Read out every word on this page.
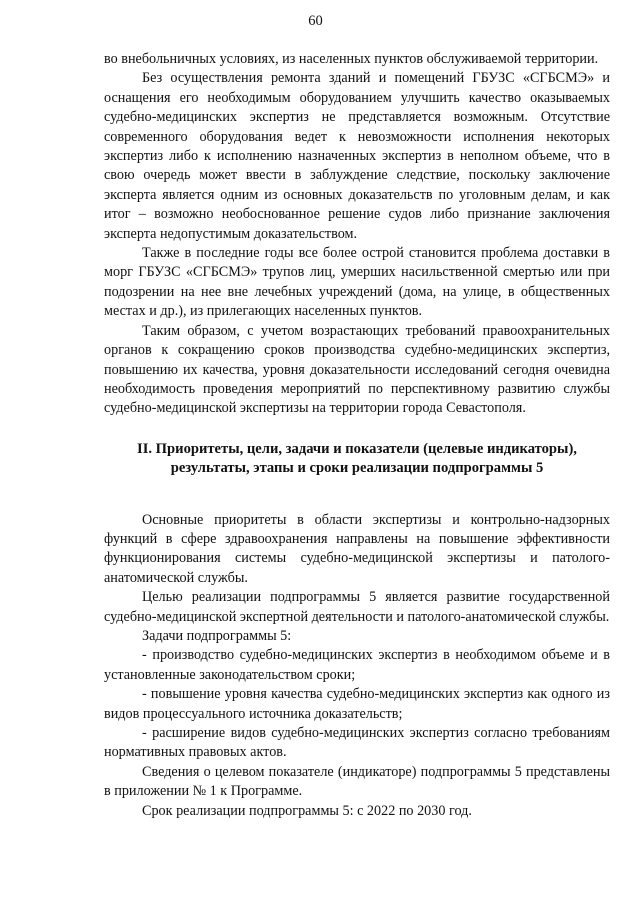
60

во внебольничных условиях, из населенных пунктов обслуживаемой территории.

Без осуществления ремонта зданий и помещений ГБУЗС «СГБСМЭ» и оснащения его необходимым оборудованием улучшить качество оказываемых судебно-медицинских экспертиз не представляется возможным. Отсутствие современного оборудования ведет к невозможности исполнения некоторых экспертиз либо к исполнению назначенных экспертиз в неполном объеме, что в свою очередь может ввести в заблуждение следствие, поскольку заключение эксперта является одним из основных доказательств по уголовным делам, и как итог – возможно необоснованное решение судов либо признание заключения эксперта недопустимым доказательством.

Также в последние годы все более острой становится проблема доставки в морг ГБУЗС «СГБСМЭ» трупов лиц, умерших насильственной смертью или при подозрении на нее вне лечебных учреждений (дома, на улице, в общественных местах и др.), из прилегающих населенных пунктов.

Таким образом, с учетом возрастающих требований правоохранительных органов к сокращению сроков производства судебно-медицинских экспертиз, повышению их качества, уровня доказательности исследований сегодня очевидна необходимость проведения мероприятий по перспективному развитию службы судебно-медицинской экспертизы на территории города Севастополя.

II. Приоритеты, цели, задачи и показатели (целевые индикаторы), результаты, этапы и сроки реализации подпрограммы 5

Основные приоритеты в области экспертизы и контрольно-надзорных функций в сфере здравоохранения направлены на повышение эффективности функционирования системы судебно-медицинской экспертизы и патолого-анатомической службы.

Целью реализации подпрограммы 5 является развитие государственной судебно-медицинской экспертной деятельности и патолого-анатомической службы.

Задачи подпрограммы 5:

- производство судебно-медицинских экспертиз в необходимом объеме и в установленные законодательством сроки;

- повышение уровня качества судебно-медицинских экспертиз как одного из видов процессуального источника доказательств;

- расширение видов судебно-медицинских экспертиз согласно требованиям нормативных правовых актов.

Сведения о целевом показателе (индикаторе) подпрограммы 5 представлены в приложении № 1 к Программе.

Срок реализации подпрограммы 5: с 2022 по 2030 год.
